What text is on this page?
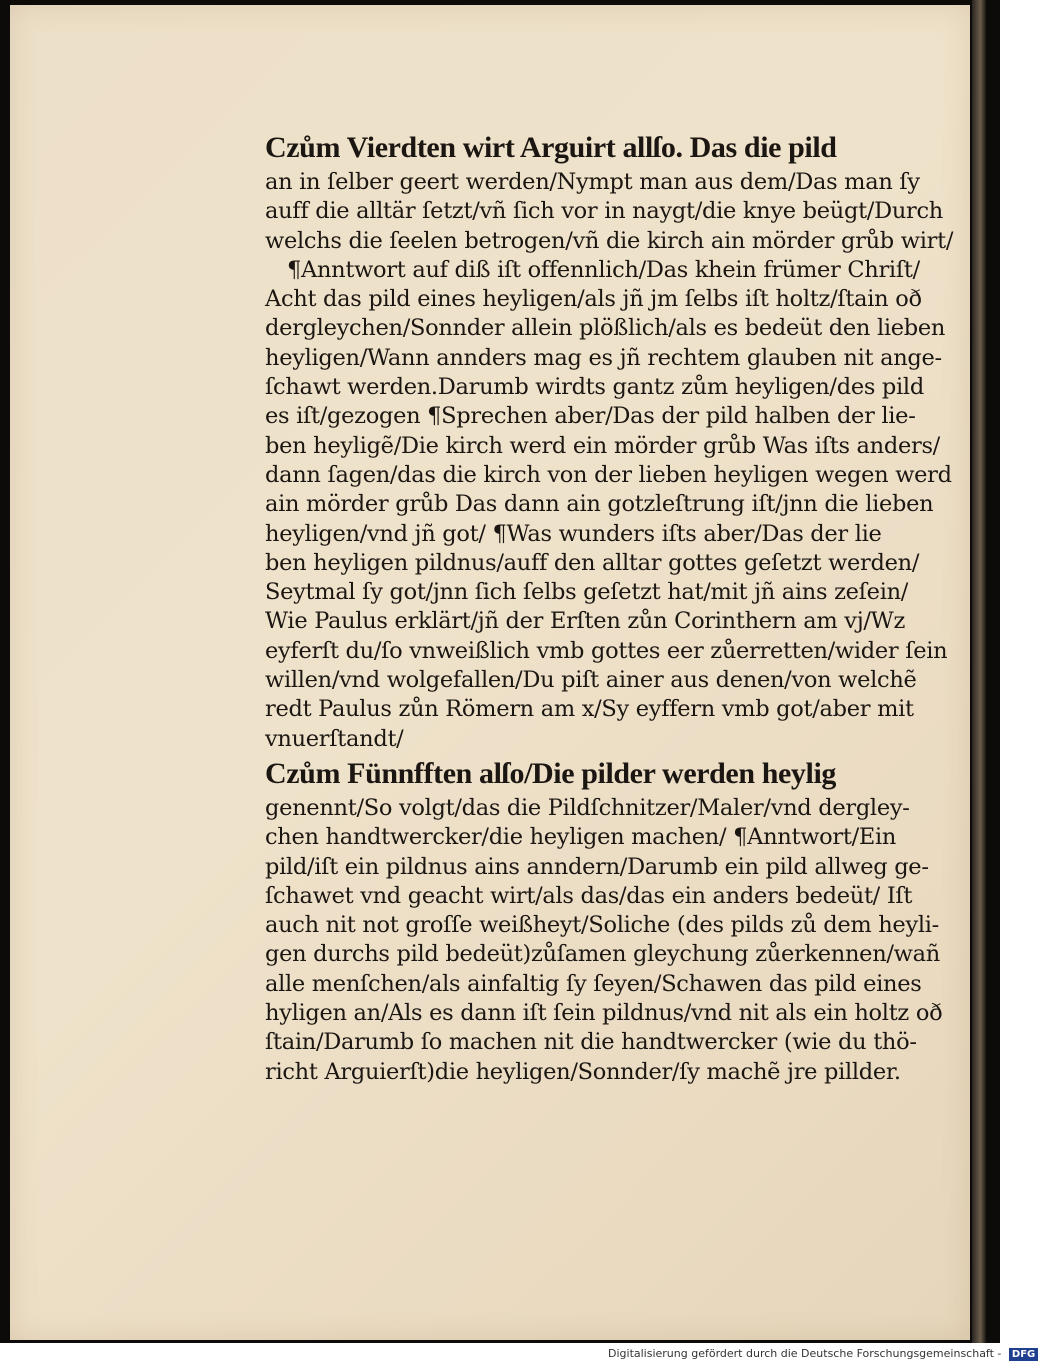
Czům Vierdten wirt Arguirt allſo. Das die pild
an in ſelber geert werden/Nympt man aus dem/Das man ſy
auff die alltär ſetzt/vñ ſich vor in naygt/die knye beügt/Durch
welchs die ſeelen betrogen/vñ die kirch ain mörder grůb wirt/
¶Anntwort auf diß iſt offennlich/Das khein frümer Chriſt/
Acht das pild eines heyligen/als jñ jm ſelbs iſt holtz/ſtain oð
dergleychen/Sonnder allein plößlich/als es bedeüt den lieben
heyligen/Wann annders mag es jñ rechtem glauben nit ange-
ſchawt werden.Darumb wirdts gantz zům heyligen/des pild
es iſt/gezogen ¶Sprechen aber/Das der pild halben der lie-
ben heyligẽ/Die kirch werd ein mörder grůb Was iſts anders/
dann ſagen/das die kirch von der lieben heyligen wegen werd
ain mörder grůb Das dann ain gotzleſtrung iſt/jnn die lieben
heyligen/vnd jñ got/ ¶Was wunders iſts aber/Das der lie
ben heyligen pildnus/auff den alltar gottes geſetzt werden/
Seytmal ſy got/jnn ſich ſelbs geſetzt hat/mit jñ ains zeſein/
Wie Paulus erklärt/jñ der Erſten zůn Corinthern am vj/Wz
eyferſt du/ſo vnweißlich vmb gottes eer zůerretten/wider ſein
willen/vnd wolgefallen/Du piſt ainer aus denen/von welchẽ
redt Paulus zůn Römern am x/Sy eyffern vmb got/aber mit
vnuerſtandt/
Czům Fünnfften alſo/Die pilder werden heylig
genennt/So volgt/das die Pildſchnitzer/Maler/vnd dergley-
chen handtwercker/die heyligen machen/ ¶Anntwort/Ein
pild/iſt ein pildnus ains anndern/Darumb ein pild allweg ge-
ſchawet vnd geacht wirt/als das/das ein anders bedeüt/ Iſt
auch nit not groſſe weißheyt/Soliche (des pilds zů dem heyli-
gen durchs pild bedeüt)zůſamen gleychung zůerkennen/wañ
alle menſchen/als ainfaltig ſy ſeyen/Schawen das pild eines
hyligen an/Als es dann iſt ſein pildnus/vnd nit als ein holtz oð
ſtain/Darumb ſo machen nit die handtwercker (wie du thö-
richt Arguierſt)die heyligen/Sonnder/ſy machẽ jre pillder.
Digitalisierung gefördert durch die Deutsche Forschungsgemeinschaft - DFG
